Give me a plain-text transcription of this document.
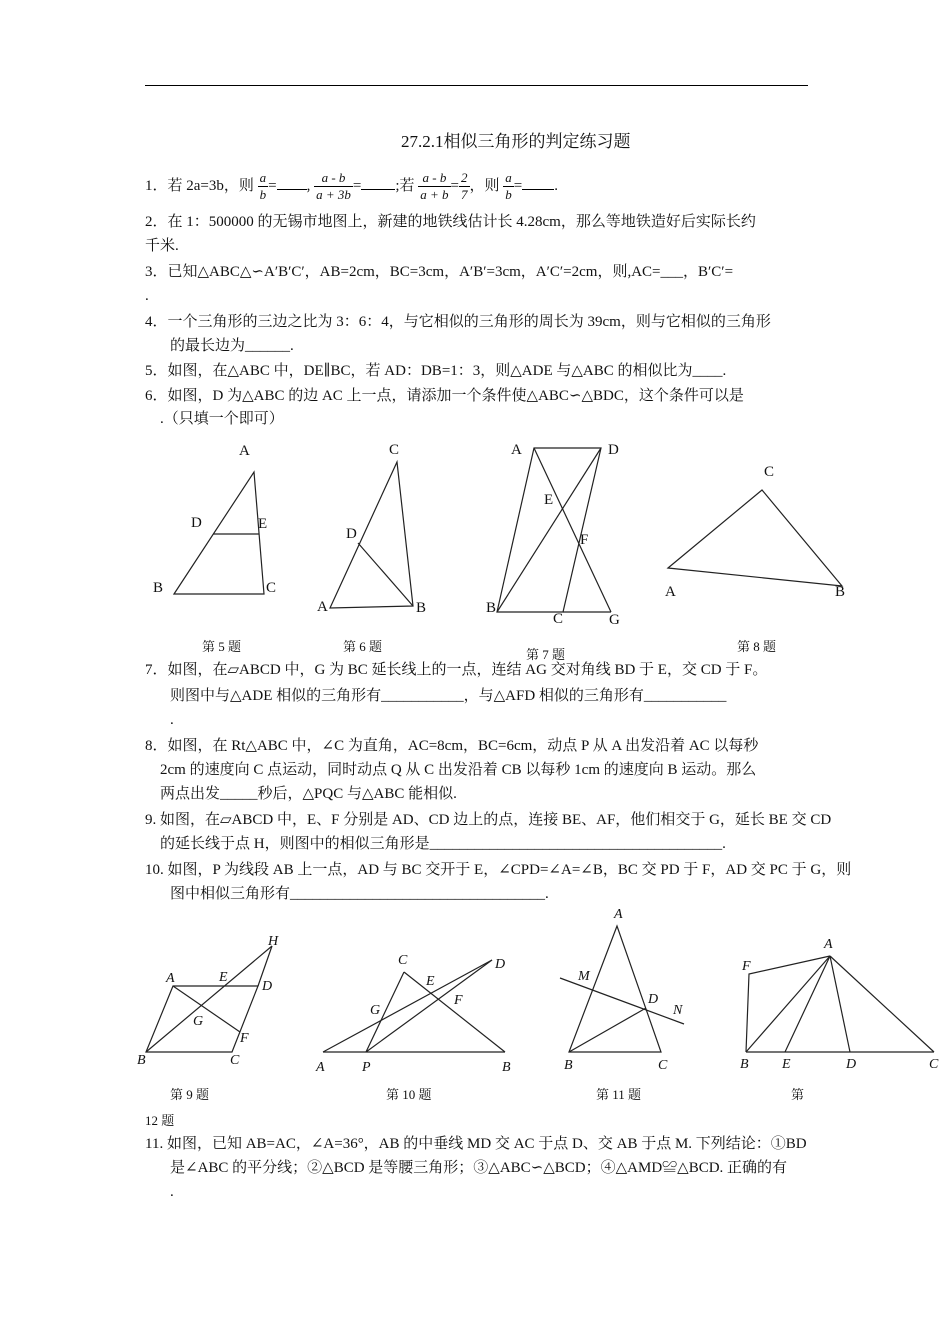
27.2.1相似三角形的判定练习题
1．若 2a=3b，则 $\frac{a}{b}$ = , $\frac{a - b}{a + 3b}$ = ;若 $\frac{a - b}{a + b} = \frac{2}{7}$ ，则 $\frac{a}{b}$ = .
2．在 1：500000 的无锡市地图上，新建的地铁线估计长 4.28cm，那么等地铁造好后实际长约
千米.
3．已知△ABC△∽A′B′C′，AB=2cm，BC=3cm，A′B′=3cm，A′C′=2cm，则,AC=___，B′C′=
.
4．一个三角形的三边之比为 3：6：4，与它相似的三角形的周长为 39cm，则与它相似的三角形
的最长边为______.
5．如图，在△ABC 中，DE∥BC，若 AD：DB=1：3，则△ADE 与△ABC 的相似比为____.
6．如图，D 为△ABC 的边 AC 上一点，请添加一个条件使△ABC∽△BDC，这个条件可以是
.（只填一个即可）
A
B	C
D	E
A	B
C
D
A	D
E
F
B
C	G
C
A	B
第 5 题	第 6 题
第 7 题
第 8 题
7．如图，在▱ABCD 中，G 为 BC 延长线上的一点，连结 AG 交对角线 BD 于 E，交 CD 于 F。
则图中与△ADE 相似的三角形有___________，与△AFD 相似的三角形有___________
.
8．如图，在 Rt△ABC 中，∠C 为直角，AC=8cm，BC=6cm，动点 P 从 A 出发沿着 AC 以每秒
2cm 的速度向 C 点运动，同时动点 Q 从 C 出发沿着 CB 以每秒 1cm 的速度向 B 运动。那么
两点出发_____秒后，△PQC 与△ABC 能相似.
9. 如图，在▱ABCD 中，E、F 分别是 AD、CD 边上的点，连接 BE、AF，他们相交于 G，延长 BE 交 CD
的延长线于点 H，则图中的相似三角形是_______________________________________.
10. 如图，P 为线段 AB 上一点，AD 与 BC 交开于 E，∠CPD=∠A=∠B，BC 交 PD 于 F，AD 交 PC 于 G，则
图中相似三角形有__________________________________.
A	E
H
D
G
F
B	C
C
E
D
G
F
A	P	B
A
M
D
N
B	C
A
F
B E	D	C
第 9 题	第 10 题	第 11 题	第
12 题
11. 如图，已知 AB=AC，∠A=36°，AB 的中垂线 MD 交 AC 于点 D、交 AB 于点 M. 下列结论：①BD
是∠ABC 的平分线；②△BCD 是等腰三角形；③△ABC∽△BCD；④△AMD≌△BCD. 正确的有
.
